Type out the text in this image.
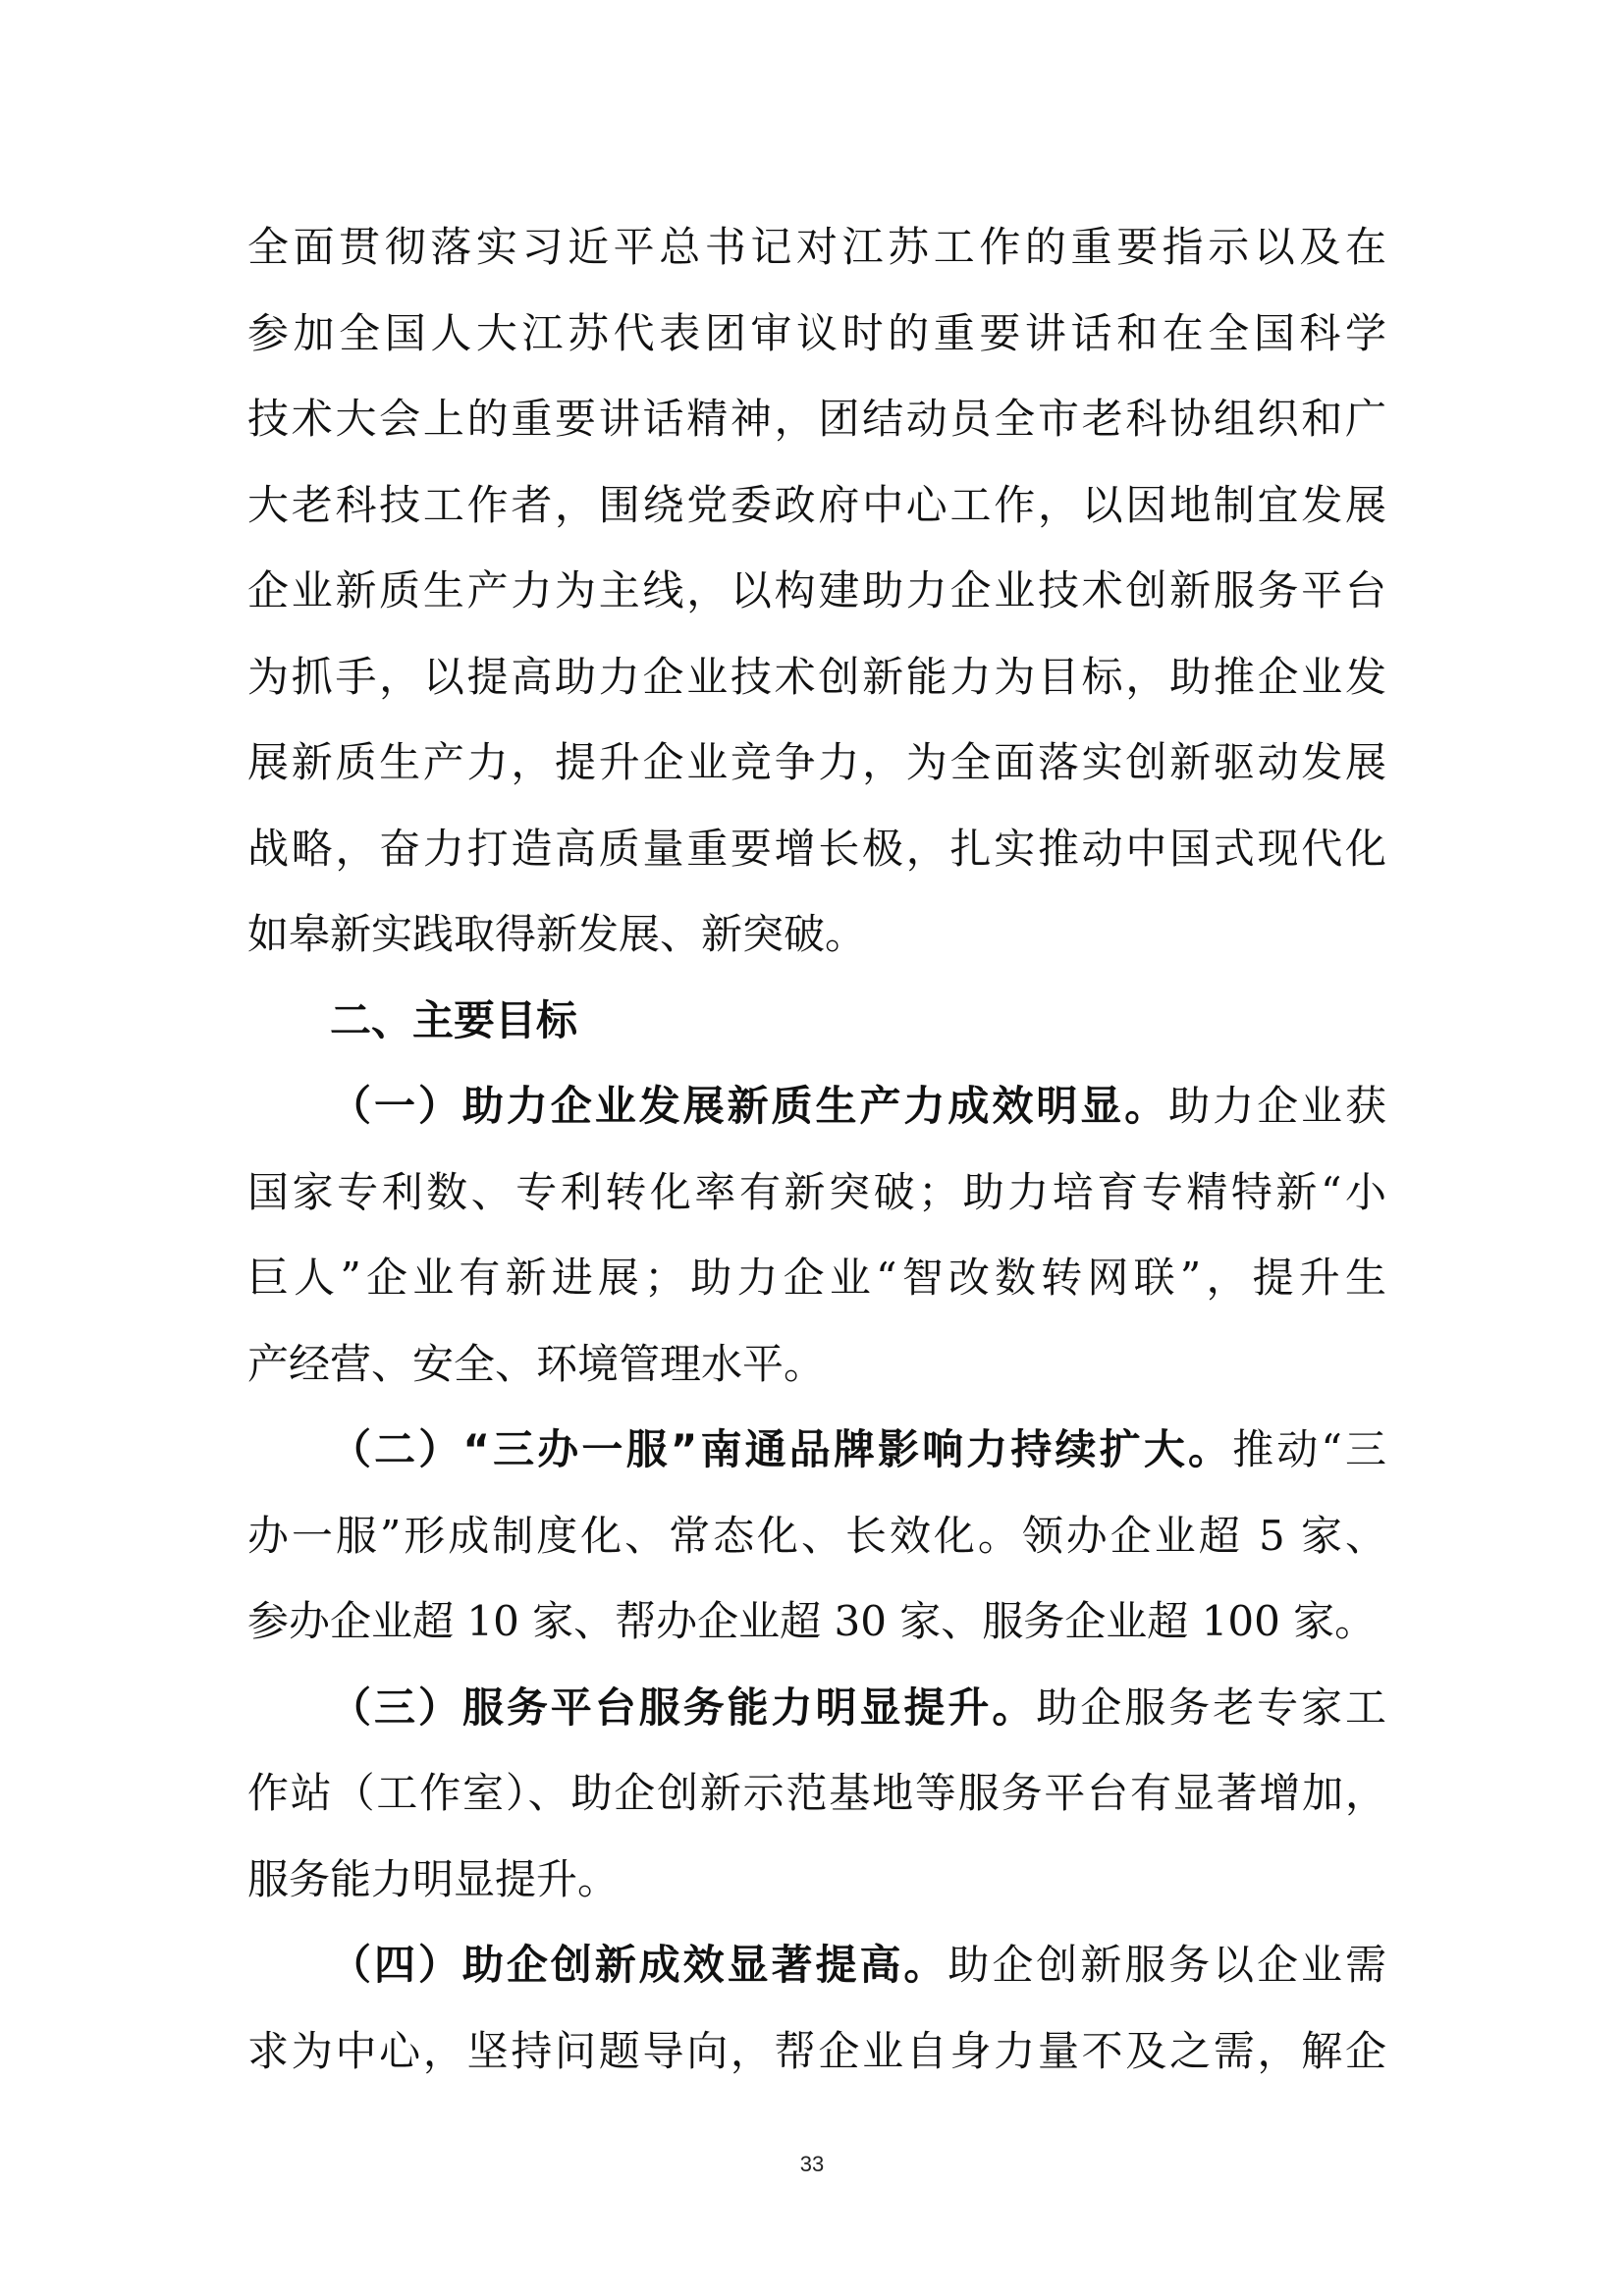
全面贯彻落实习近平总书记对江苏工作的重要指示以及在
参加全国人大江苏代表团审议时的重要讲话和在全国科学
技术大会上的重要讲话精神，团结动员全市老科协组织和广
大老科技工作者，围绕党委政府中心工作，以因地制宜发展
企业新质生产力为主线，以构建助力企业技术创新服务平台
为抓手，以提高助力企业技术创新能力为目标，助推企业发
展新质生产力，提升企业竞争力，为全面落实创新驱动发展
战略，奋力打造高质量重要增长极，扎实推动中国式现代化
如皋新实践取得新发展、新突破。
二、主要目标
（一）助力企业发展新质生产力成效明显。助力企业获
国家专利数、专利转化率有新突破；助力培育专精特新“小
巨人”企业有新进展；助力企业“智改数转网联”，提升生
产经营、安全、环境管理水平。
（二）“三办一服”南通品牌影响力持续扩大。推动“三
办一服”形成制度化、常态化、长效化。领办企业超 5 家、
参办企业超 10 家、帮办企业超 30 家、服务企业超 100 家。
（三）服务平台服务能力明显提升。助企服务老专家工
作站（工作室）、助企创新示范基地等服务平台有显著增加，
服务能力明显提升。
（四）助企创新成效显著提高。助企创新服务以企业需
求为中心，坚持问题导向，帮企业自身力量不及之需，解企
33
